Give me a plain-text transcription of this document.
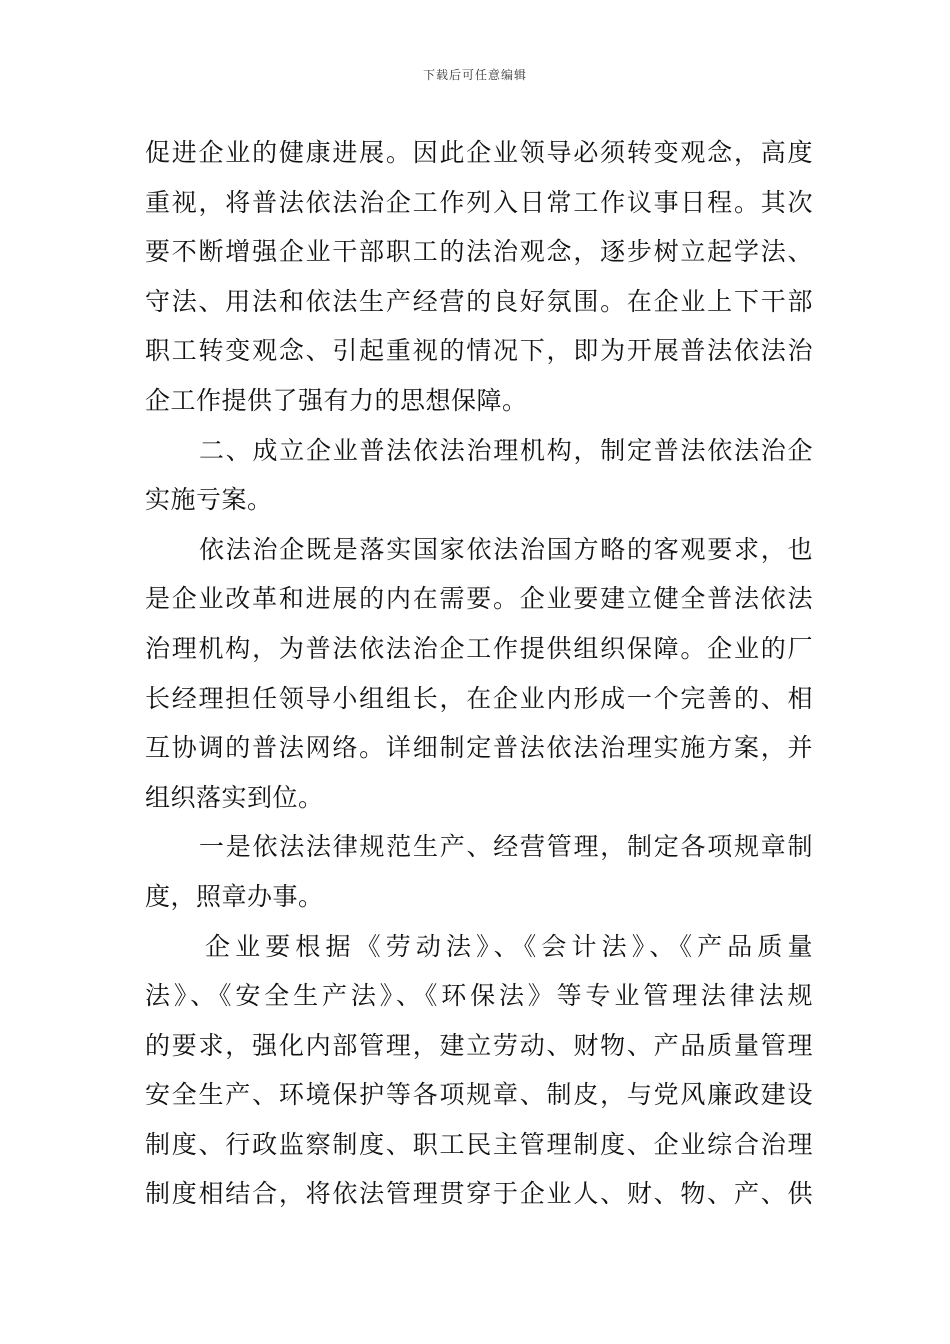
下载后可任意编辑
促进企业的健康进展。因此企业领导必须转变观念，高度
重视，将普法依法治企工作列入日常工作议事日程。其次
要不断增强企业干部职工的法治观念，逐步树立起学法、
守法、用法和依法生产经营的良好氛围。在企业上下干部
职工转变观念、引起重视的情况下，即为开展普法依法治
企工作提供了强有力的思想保障。
二、成立企业普法依法治理机构，制定普法依法治企
实施亏案。
依法治企既是落实国家依法治国方略的客观要求，也
是企业改革和进展的内在需要。企业要建立健全普法依法
治理机构，为普法依法治企工作提供组织保障。企业的厂
长经理担任领导小组组长，在企业内形成一个完善的、相
互协调的普法网络。详细制定普法依法治理实施方案，并
组织落实到位。
一是依法法律规范生产、经营管理，制定各项规章制
度，照章办事。
企业要根据《劳动法》、《会计法》、《产品质量
法》、《安全生产法》、《环保法》等专业管理法律法规
的要求，强化内部管理，建立劳动、财物、产品质量管理
安全生产、环境保护等各项规章、制皮，与党风廉政建设
制度、行政监察制度、职工民主管理制度、企业综合治理
制度相结合，将依法管理贯穿于企业人、财、物、产、供
